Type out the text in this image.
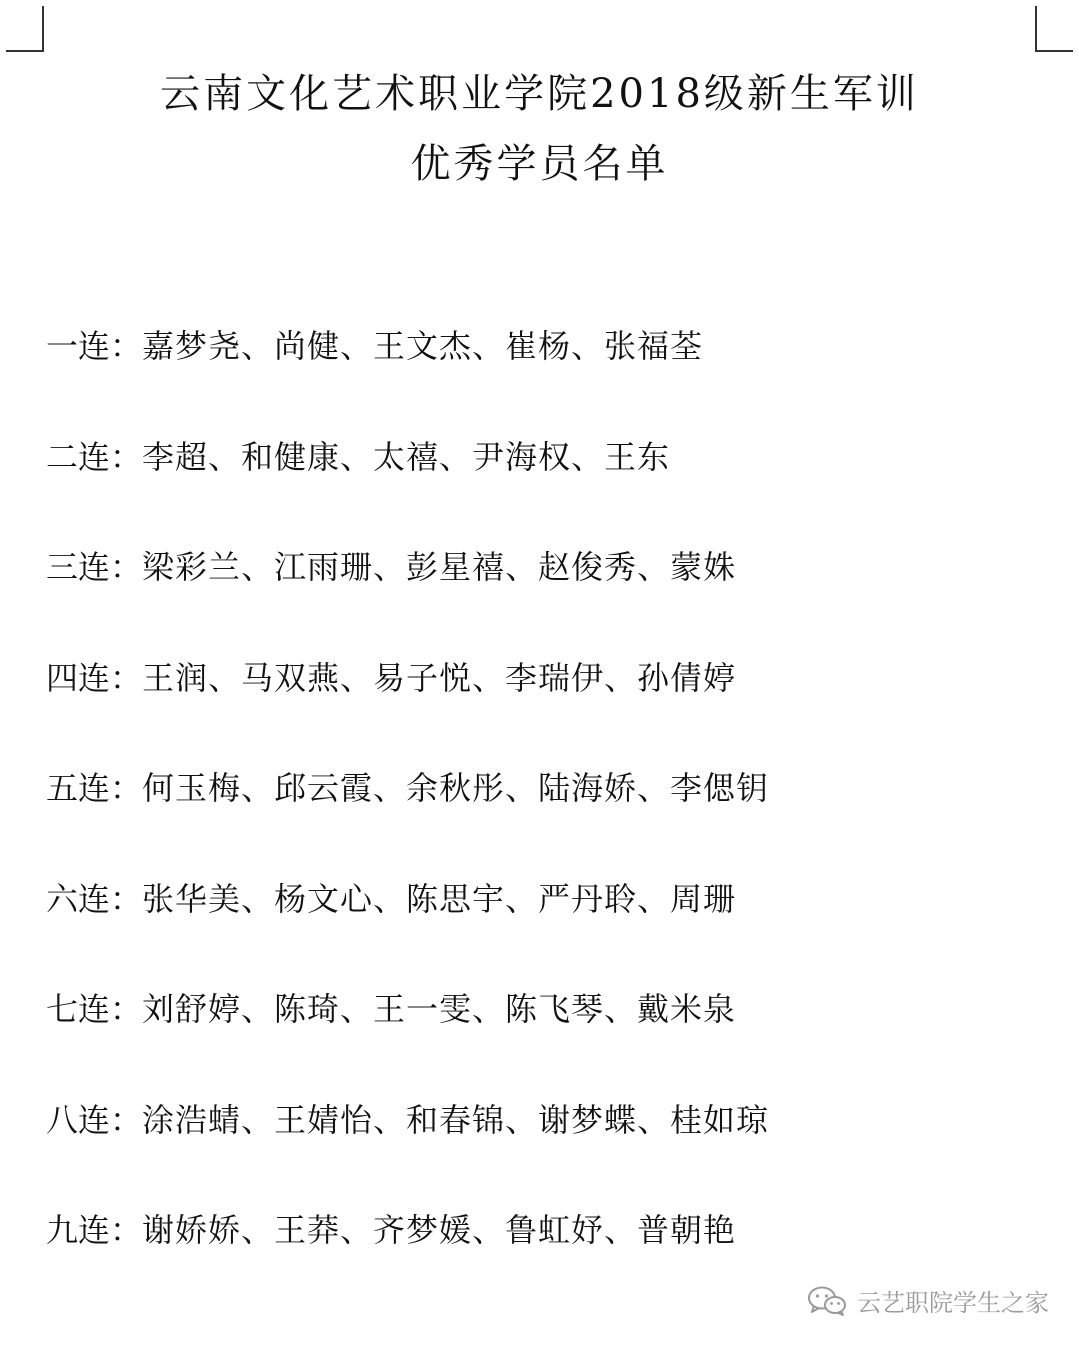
云南文化艺术职业学院2018级新生军训
优秀学员名单
一连： 嘉梦尧、尚健、王文杰、崔杨、张福荃
二连： 李超、和健康、太禧、尹海权、王东
三连： 梁彩兰、江雨珊、彭星禧、赵俊秀、蒙姝
四连： 王润、马双燕、易子悦、李瑞伊、孙倩婷
五连： 何玉梅、邱云霞、余秋彤、陆海娇、李偲钥
六连： 张华美、杨文心、陈思宇、严丹聆、周珊
七连： 刘舒婷、陈琦、王一雯、陈飞琴、戴米泉
八连： 涂浩蜻、王婧怡、和春锦、谢梦蝶、桂如琼
九连： 谢娇娇、王莽、齐梦媛、鲁虹妤、普朝艳
云艺职院学生之家
